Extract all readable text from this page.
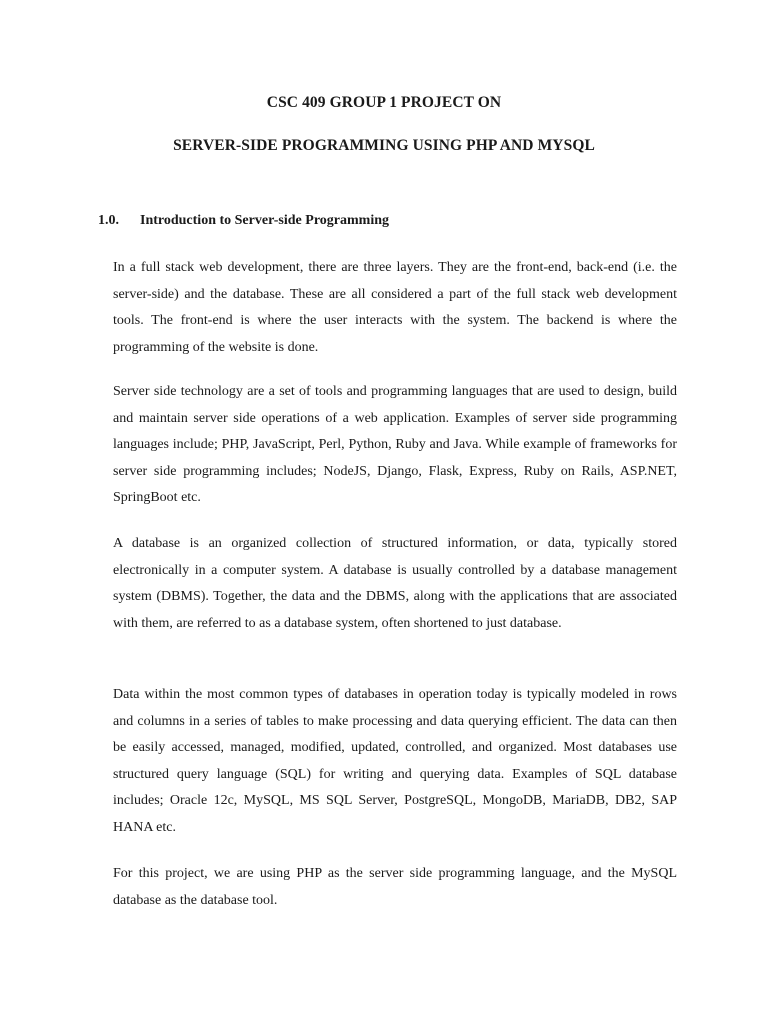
CSC 409 GROUP 1 PROJECT ON
SERVER-SIDE PROGRAMMING USING PHP AND MYSQL
1.0. Introduction to Server-side Programming

In a full stack web development, there are three layers. They are the front-end, back-end (i.e. the server-side) and the database. These are all considered a part of the full stack web development tools. The front-end is where the user interacts with the system. The backend is where the programming of the website is done.

Server side technology are a set of tools and programming languages that are used to design, build and maintain server side operations of a web application. Examples of server side programming languages include; PHP, JavaScript, Perl, Python, Ruby and Java. While example of frameworks for server side programming includes; NodeJS, Django, Flask, Express, Ruby on Rails, ASP.NET, SpringBoot etc.

A database is an organized collection of structured information, or data, typically stored electronically in a computer system. A database is usually controlled by a database management system (DBMS). Together, the data and the DBMS, along with the applications that are associated with them, are referred to as a database system, often shortened to just database.

Data within the most common types of databases in operation today is typically modeled in rows and columns in a series of tables to make processing and data querying efficient. The data can then be easily accessed, managed, modified, updated, controlled, and organized. Most databases use structured query language (SQL) for writing and querying data. Examples of SQL database includes; Oracle 12c, MySQL, MS SQL Server, PostgreSQL, MongoDB, MariaDB, DB2, SAP HANA etc.

For this project, we are using PHP as the server side programming language, and the MySQL database as the database tool.
